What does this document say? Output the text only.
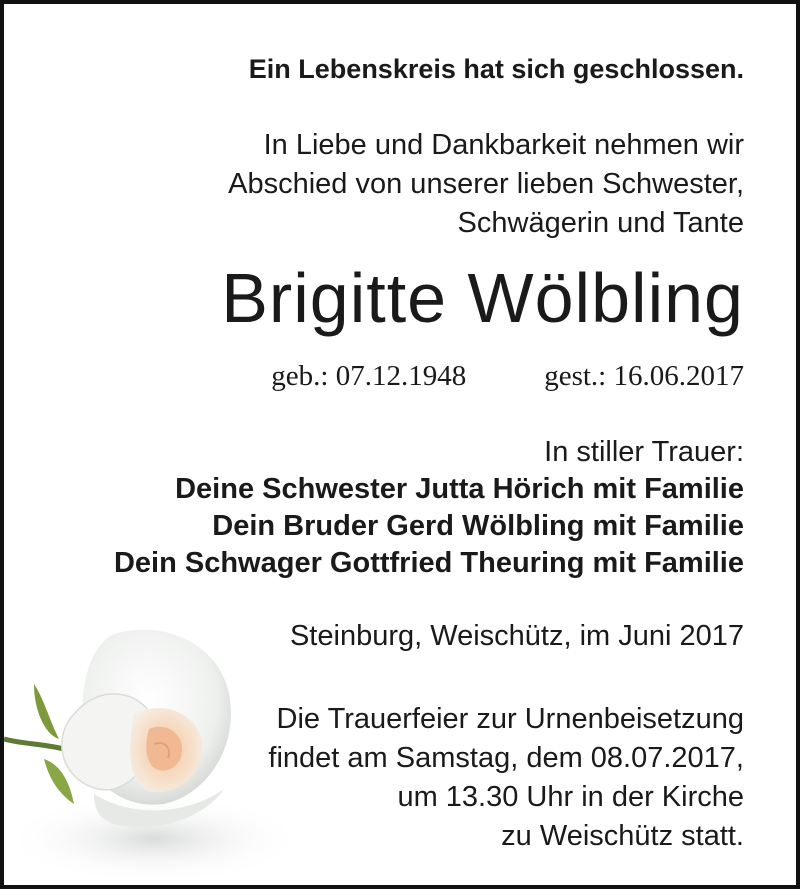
Ein Lebenskreis hat sich geschlossen.
In Liebe und Dankbarkeit nehmen wir
Abschied von unserer lieben Schwester,
Schwägerin und Tante
Brigitte Wölbling
geb.: 07.12.1948	gest.: 16.06.2017
In stiller Trauer:
Deine Schwester Jutta Hörich mit Familie
Dein Bruder Gerd Wölbling mit Familie
Dein Schwager Gottfried Theuring mit Familie
Steinburg, Weischütz, im Juni 2017
Die Trauerfeier zur Urnenbeisetzung
findet am Samstag, dem 08.07.2017,
um 13.30 Uhr in der Kirche
zu Weischütz statt.
